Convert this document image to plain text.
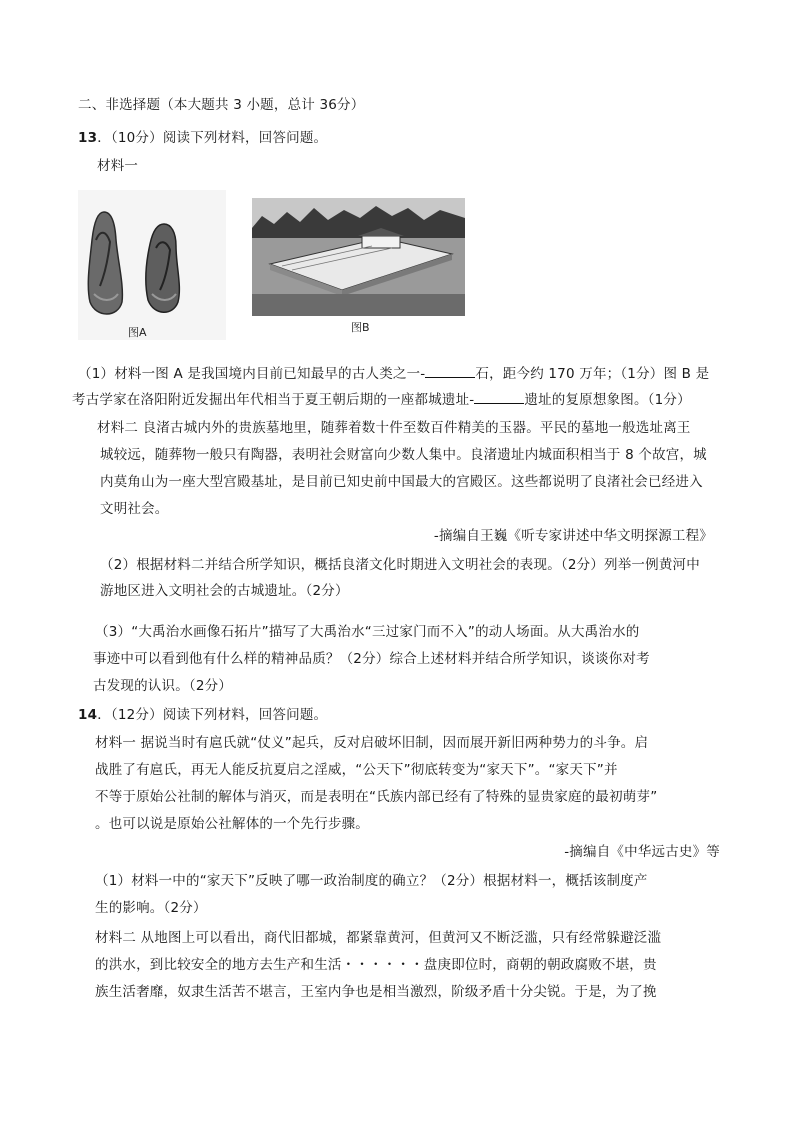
二、非选择题（本大题共 3 小题，总计 36分）
13．（10分）阅读下列材料，回答问题。
材料一
图A	图B
（1）材料一图 A 是我国境内目前已知最早的古人类之一-	石，距今约 170 万年；（1分）图 B 是
考古学家在洛阳附近发掘出年代相当于夏王朝后期的一座都城遗址-	遗址的复原想象图。（1分）
材料二 良渚古城内外的贵族墓地里，随葬着数十件至数百件精美的玉器。平民的墓地一般选址离王
城较远，随葬物一般只有陶器，表明社会财富向少数人集中。良渚遗址内城面积相当于 8 个故宫，城
内莫角山为一座大型宫殿基址，是目前已知史前中国最大的宫殿区。这些都说明了良渚社会已经进入
文明社会。
-摘编自王巍《听专家讲述中华文明探源工程》
（2）根据材料二并结合所学知识，概括良渚文化时期进入文明社会的表现。（2分）列举一例黄河中
游地区进入文明社会的古城遗址。（2分）
（3）“大禹治水画像石拓片”描写了大禹治水“三过家门而不入”的动人场面。从大禹治水的
事迹中可以看到他有什么样的精神品质？（2分）综合上述材料并结合所学知识，谈谈你对考
古发现的认识。（2分）
14．（12分）阅读下列材料，回答问题。
材料一 据说当时有扈氏就“仗义”起兵，反对启破坏旧制，因而展开新旧两种势力的斗争。启
战胜了有扈氏，再无人能反抗夏启之淫威，“公天下”彻底转变为“家天下”。“家天下”并
不等于原始公社制的解体与消灭，而是表明在“氏族内部已经有了特殊的显贵家庭的最初萌芽”
。也可以说是原始公社解体的一个先行步骤。
-摘编自《中华远古史》等
（1）材料一中的“家天下”反映了哪一政治制度的确立？（2分）根据材料一，概括该制度产
生的影响。（2分）
材料二 从地图上可以看出，商代旧都城，都紧靠黄河，但黄河又不断泛滥，只有经常躲避泛滥
的洪水，到比较安全的地方去生产和生活・・・・・・盘庚即位时，商朝的朝政腐败不堪，贵
族生活奢靡，奴隶生活苦不堪言，王室内争也是相当激烈，阶级矛盾十分尖锐。于是，为了挽
